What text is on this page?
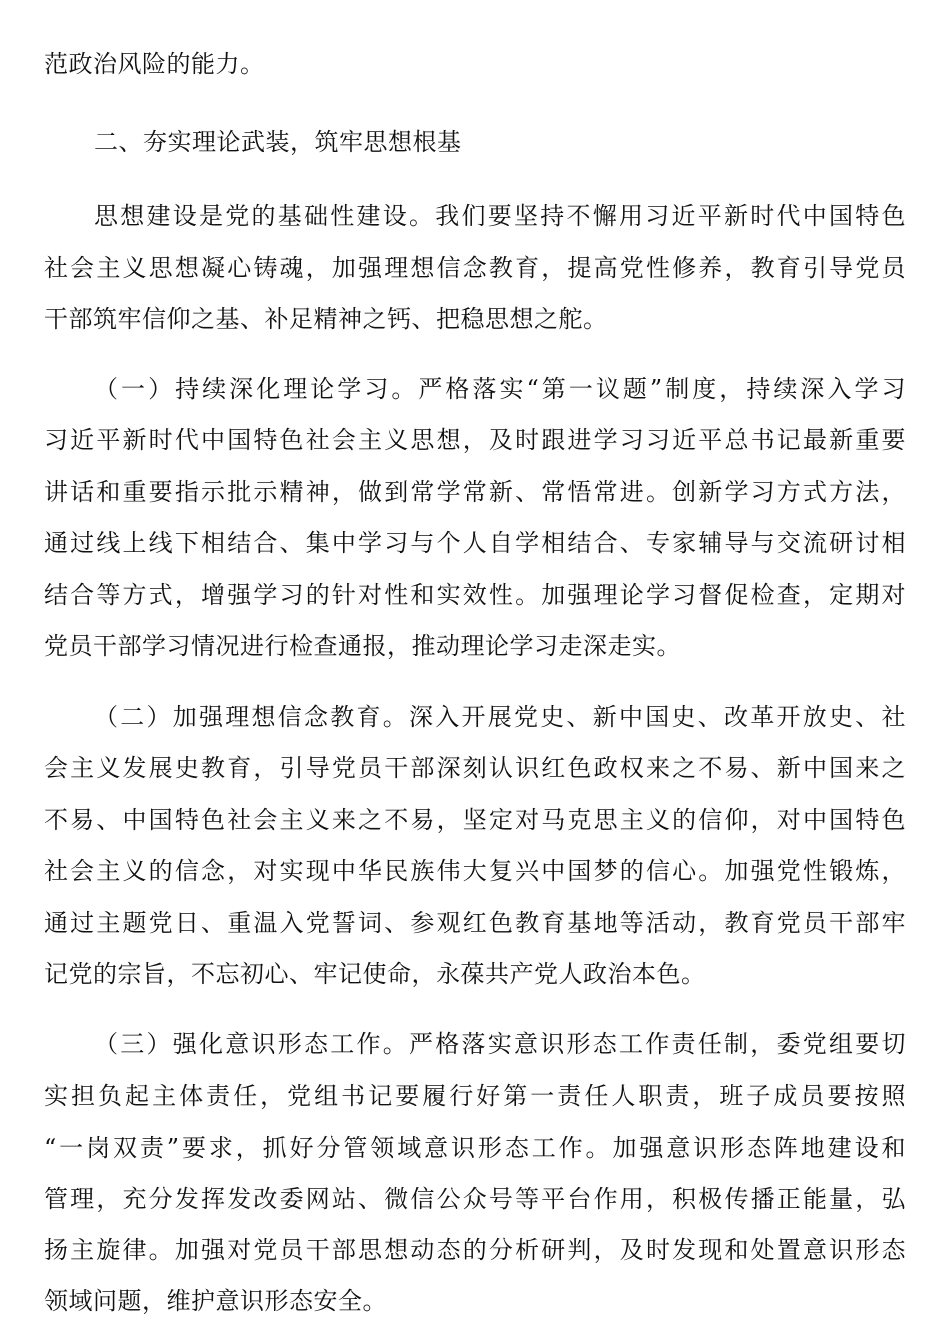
范政治风险的能力。
二、夯实理论武装，筑牢思想根基
思想建设是党的基础性建设。我们要坚持不懈用习近平新时代中国特色
社会主义思想凝心铸魂，加强理想信念教育，提高党性修养，教育引导党员
干部筑牢信仰之基、补足精神之钙、把稳思想之舵。
（一）持续深化理论学习。严格落实“第一议题”制度，持续深入学习
习近平新时代中国特色社会主义思想，及时跟进学习习近平总书记最新重要
讲话和重要指示批示精神，做到常学常新、常悟常进。创新学习方式方法，
通过线上线下相结合、集中学习与个人自学相结合、专家辅导与交流研讨相
结合等方式，增强学习的针对性和实效性。加强理论学习督促检查，定期对
党员干部学习情况进行检查通报，推动理论学习走深走实。
（二）加强理想信念教育。深入开展党史、新中国史、改革开放史、社
会主义发展史教育，引导党员干部深刻认识红色政权来之不易、新中国来之
不易、中国特色社会主义来之不易，坚定对马克思主义的信仰，对中国特色
社会主义的信念，对实现中华民族伟大复兴中国梦的信心。加强党性锻炼，
通过主题党日、重温入党誓词、参观红色教育基地等活动，教育党员干部牢
记党的宗旨，不忘初心、牢记使命，永葆共产党人政治本色。
（三）强化意识形态工作。严格落实意识形态工作责任制，委党组要切
实担负起主体责任，党组书记要履行好第一责任人职责，班子成员要按照
“一岗双责”要求，抓好分管领域意识形态工作。加强意识形态阵地建设和
管理，充分发挥发改委网站、微信公众号等平台作用，积极传播正能量，弘
扬主旋律。加强对党员干部思想动态的分析研判，及时发现和处置意识形态
领域问题，维护意识形态安全。
